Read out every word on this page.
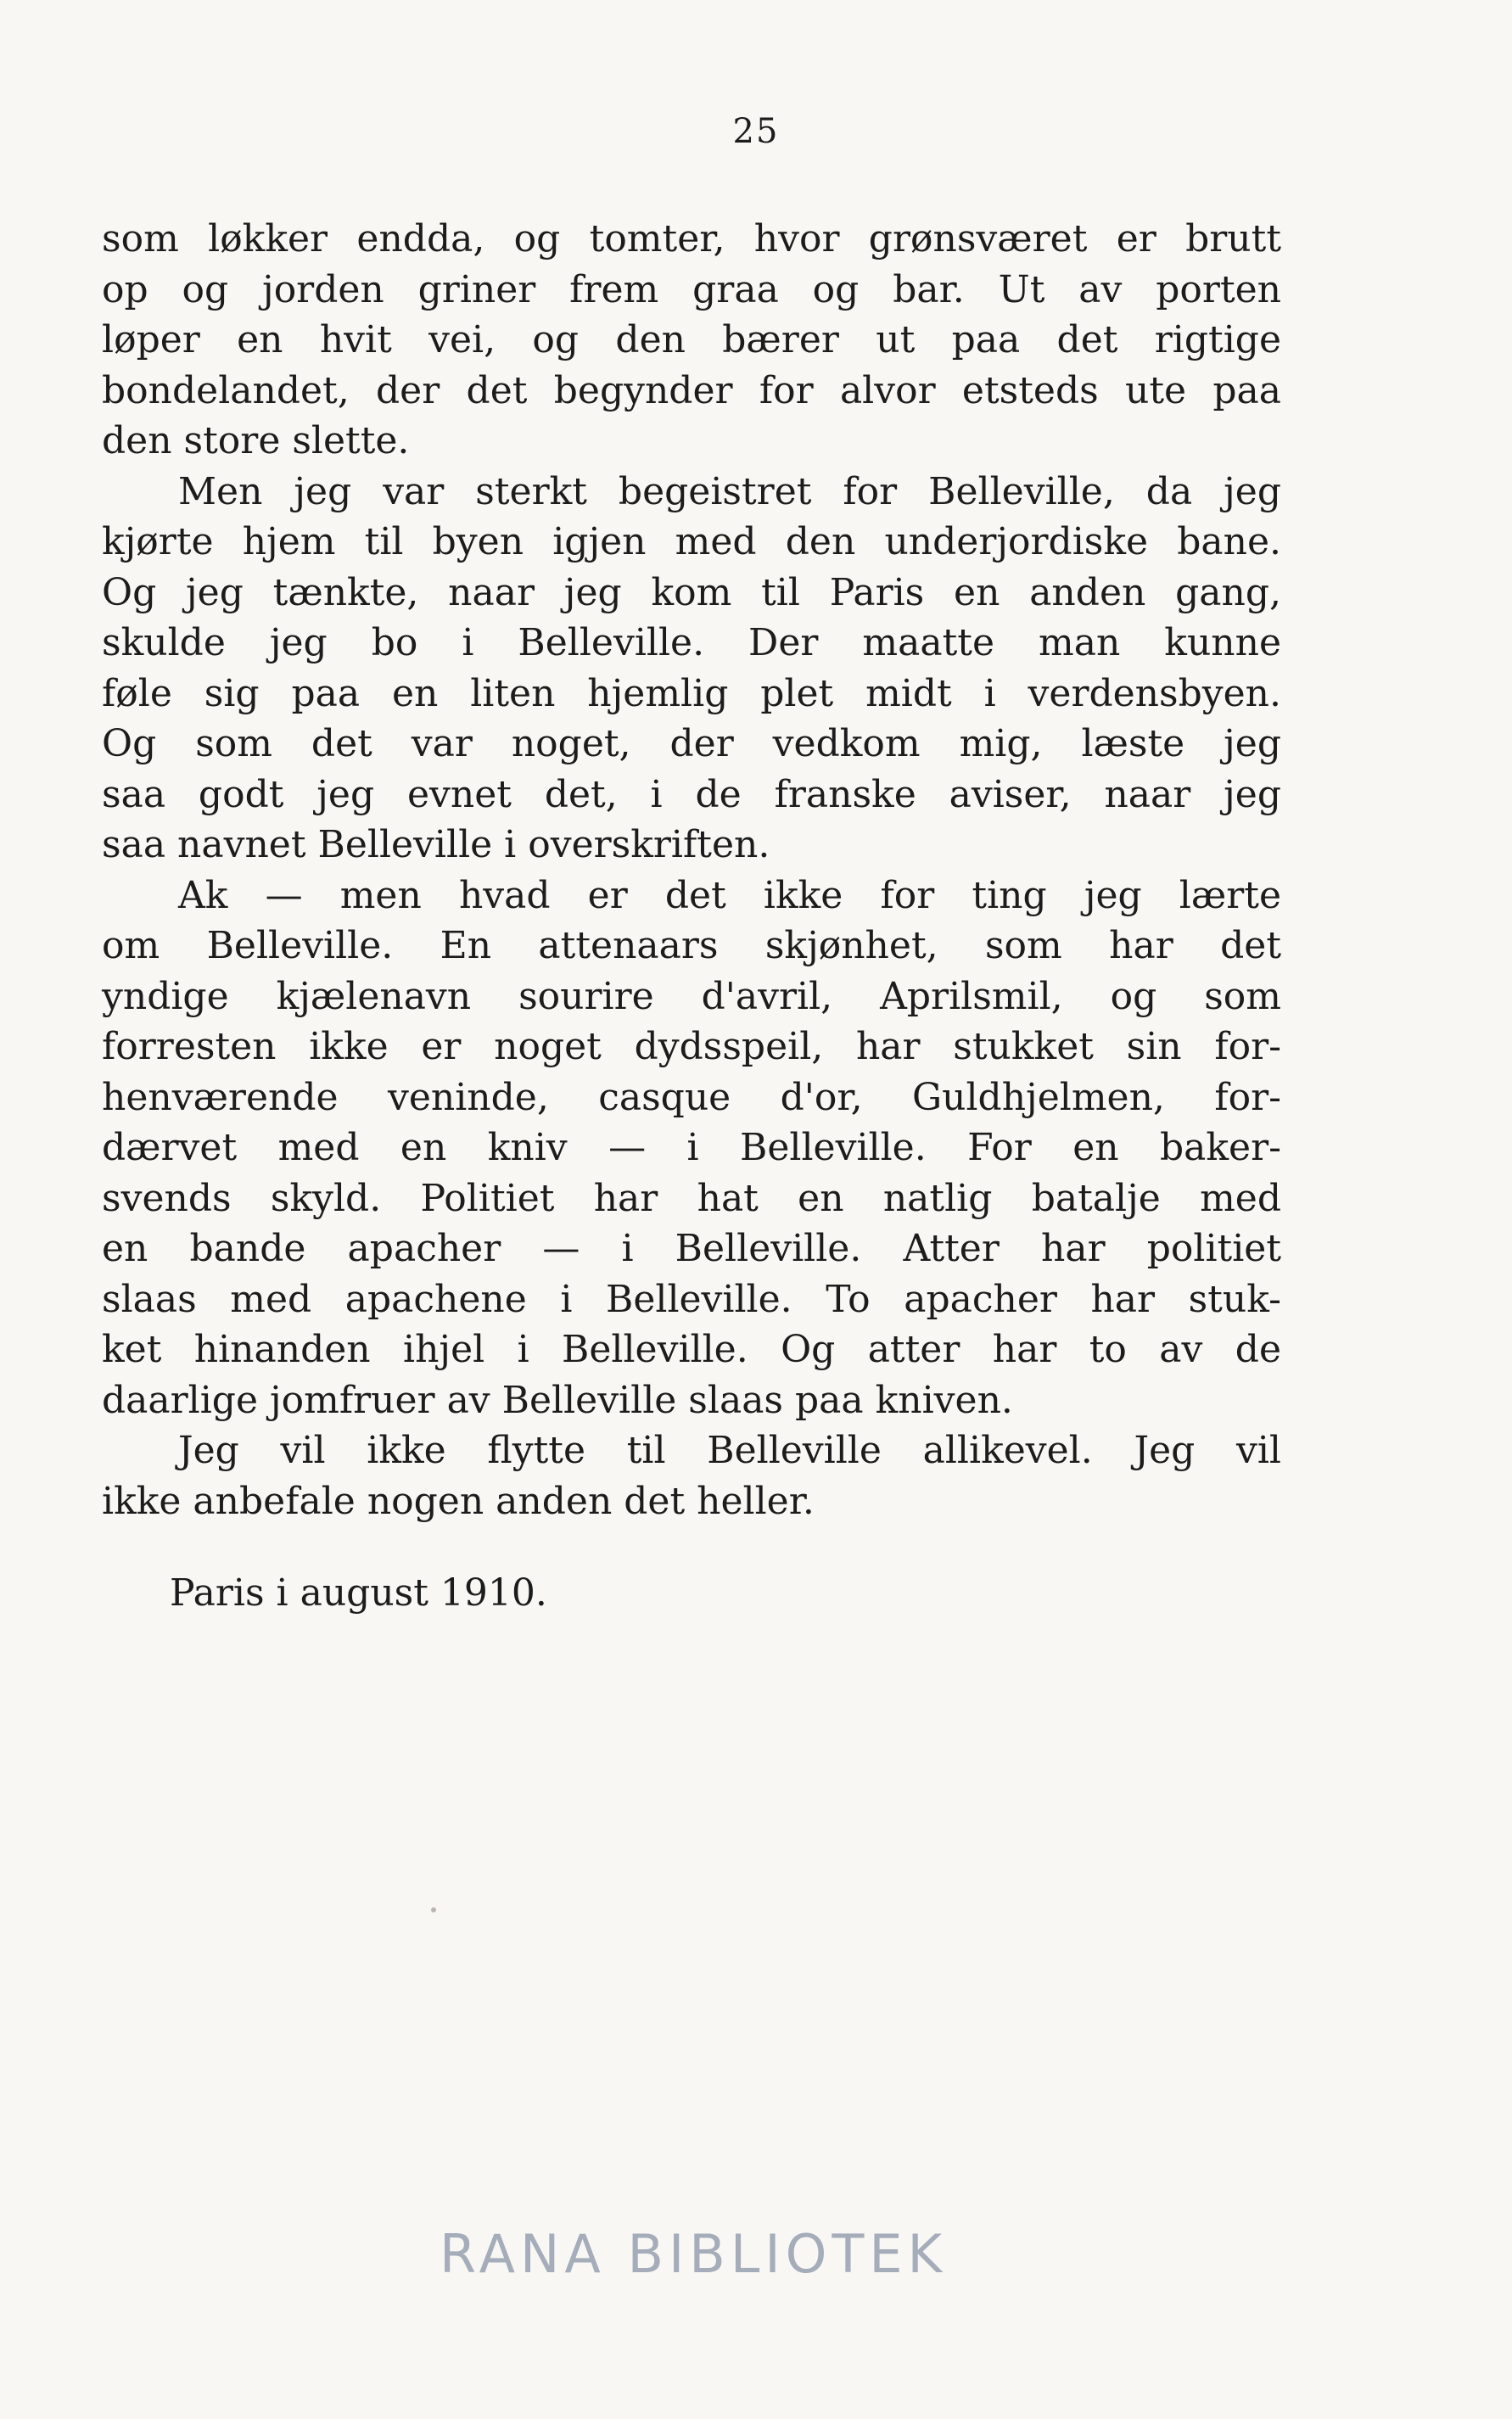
25
som løkker endda, og tomter, hvor grønsværet er brutt
op og jorden griner frem graa og bar. Ut av porten
løper en hvit vei, og den bærer ut paa det rigtige
bondelandet, der det begynder for alvor etsteds ute paa
den store slette.
Men jeg var sterkt begeistret for Belleville, da jeg
kjørte hjem til byen igjen med den underjordiske bane.
Og jeg tænkte, naar jeg kom til Paris en anden gang,
skulde jeg bo i Belleville. Der maatte man kunne
føle sig paa en liten hjemlig plet midt i verdensbyen.
Og som det var noget, der vedkom mig, læste jeg
saa godt jeg evnet det, i de franske aviser, naar jeg
saa navnet Belleville i overskriften.
Ak — men hvad er det ikke for ting jeg lærte
om Belleville. En attenaars skjønhet, som har det
yndige kjælenavn sourire d'avril, Aprilsmil, og som
forresten ikke er noget dydsspeil, har stukket sin for-
henværende veninde, casque d'or, Guldhjelmen, for-
dærvet med en kniv — i Belleville. For en baker-
svends skyld. Politiet har hat en natlig batalje med
en bande apacher — i Belleville. Atter har politiet
slaas med apachene i Belleville. To apacher har stuk-
ket hinanden ihjel i Belleville. Og atter har to av de
daarlige jomfruer av Belleville slaas paa kniven.
Jeg vil ikke flytte til Belleville allikevel. Jeg vil
ikke anbefale nogen anden det heller.
Paris i august 1910.
RANA BIBLIOTEK
